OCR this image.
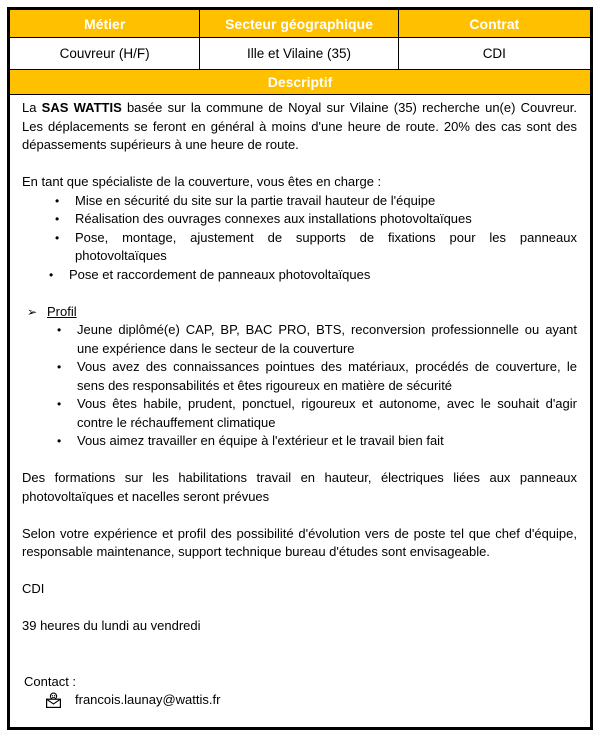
Métier	Secteur géographique	Contrat
Couvreur (H/F)	Ille et Vilaine (35)	CDI
Descriptif

La SAS WATTIS basée sur la commune de Noyal sur Vilaine (35) recherche un(e) Couvreur. Les déplacements se feront en général à moins d'une heure de route. 20% des cas sont des dépassements supérieurs à une heure de route.

En tant que spécialiste de la couverture, vous êtes en charge :

•	Mise en sécurité du site sur la partie travail hauteur de l'équipe
•	Réalisation des ouvrages connexes aux installations photovoltaïques
•	Pose, montage, ajustement de supports de fixations pour les panneaux photovoltaïques
•	Pose et raccordement de panneaux photovoltaïques
➢ Profil
•	Jeune diplômé(e) CAP, BP, BAC PRO, BTS, reconversion professionnelle ou ayant une expérience dans le secteur de la couverture
•	Vous avez des connaissances pointues des matériaux, procédés de couverture, le sens des responsabilités et êtes rigoureux en matière de sécurité
•	Vous êtes habile, prudent, ponctuel, rigoureux et autonome, avec le souhait d'agir contre le réchauffement climatique
•	Vous aimez travailler en équipe à l'extérieur et le travail bien fait

Des formations sur les habilitations travail en hauteur, électriques liées aux panneaux photovoltaïques et nacelles seront prévues

Selon votre expérience et profil des possibilité d'évolution vers de poste tel que chef d'équipe, responsable maintenance, support technique bureau d'études sont envisageable.

CDI

39 heures du lundi au vendredi

Contact :

francois.launay@wattis.fr
